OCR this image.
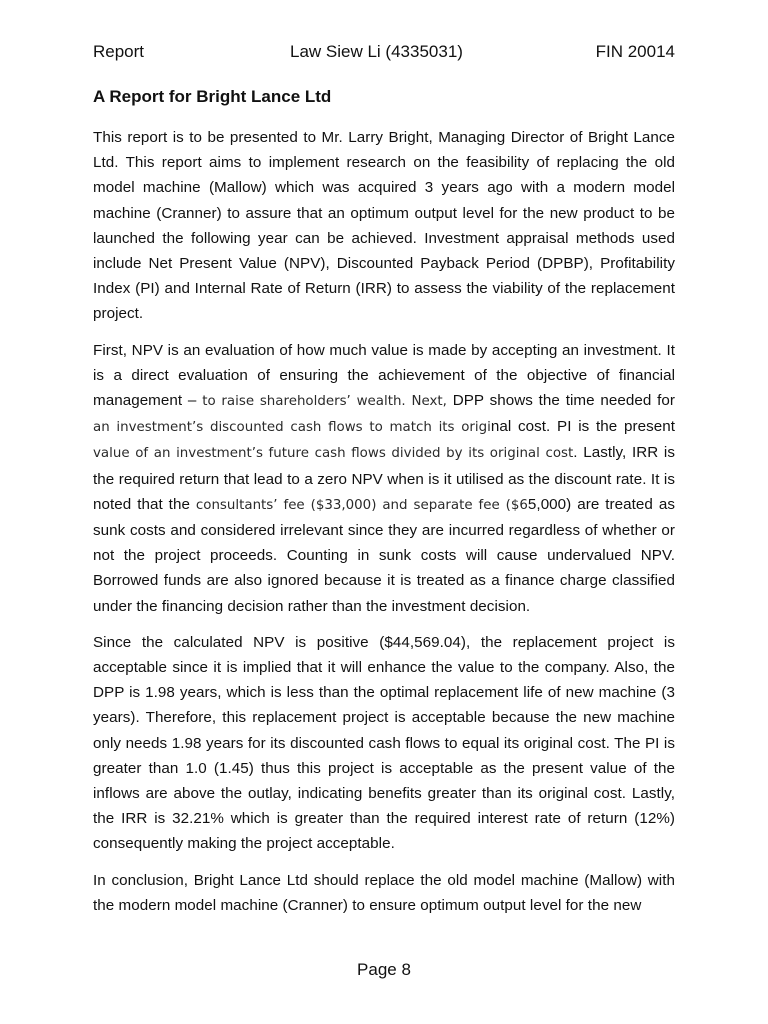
Report	Law Siew Li (4335031)	FIN 20014
A Report for Bright Lance Ltd

This report is to be presented to Mr. Larry Bright, Managing Director of Bright Lance Ltd. This report aims to implement research on the feasibility of replacing the old model machine (Mallow) which was acquired 3 years ago with a modern model machine (Cranner) to assure that an optimum output level for the new product to be launched the following year can be achieved. Investment appraisal methods used include Net Present Value (NPV), Discounted Payback Period (DPBP), Profitability Index (PI) and Internal Rate of Return (IRR) to assess the viability of the replacement project.

First, NPV is an evaluation of how much value is made by accepting an investment. It is a direct evaluation of ensuring the achievement of the objective of financial management – to raise shareholders’ wealth. Next, DPP shows the time needed for an investment’s discounted cash flows to match its original cost. PI is the present value of an investment’s future cash flows divided by its original cost. Lastly, IRR is the required return that lead to a zero NPV when is it utilised as the discount rate. It is noted that the consultants’ fee ($33,000) and separate fee ($65,000) are treated as sunk costs and considered irrelevant since they are incurred regardless of whether or not the project proceeds. Counting in sunk costs will cause undervalued NPV. Borrowed funds are also ignored because it is treated as a finance charge classified under the financing decision rather than the investment decision.

Since the calculated NPV is positive ($44,569.04), the replacement project is acceptable since it is implied that it will enhance the value to the company. Also, the DPP is 1.98 years, which is less than the optimal replacement life of new machine (3 years). Therefore, this replacement project is acceptable because the new machine only needs 1.98 years for its discounted cash flows to equal its original cost. The PI is greater than 1.0 (1.45) thus this project is acceptable as the present value of the inflows are above the outlay, indicating benefits greater than its original cost. Lastly, the IRR is 32.21% which is greater than the required interest rate of return (12%) consequently making the project acceptable.

In conclusion, Bright Lance Ltd should replace the old model machine (Mallow) with the modern model machine (Cranner) to ensure optimum output level for the new

Page 8
